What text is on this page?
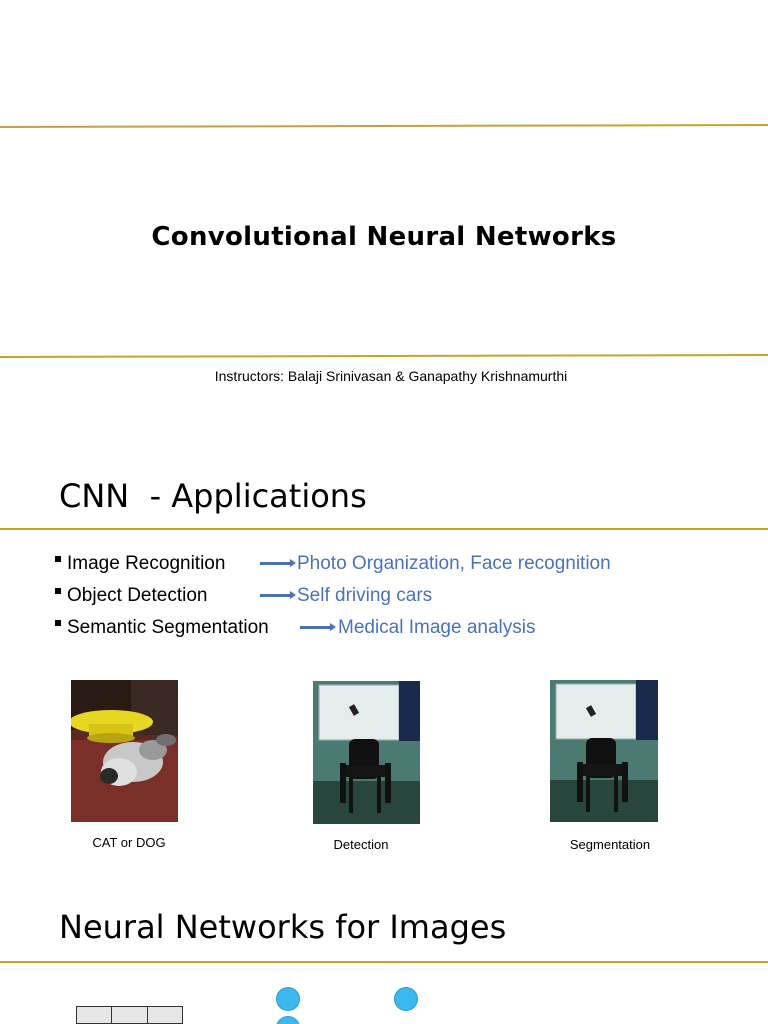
Convolutional Neural Networks
Instructors: Balaji Srinivasan & Ganapathy Krishnamurthi
CNN  - Applications
Image Recognition	Photo Organization, Face recognition
Object Detection	Self driving cars
Semantic Segmentation	Medical Image analysis
CAT or DOG	Detection	Segmentation
Neural Networks for Images
